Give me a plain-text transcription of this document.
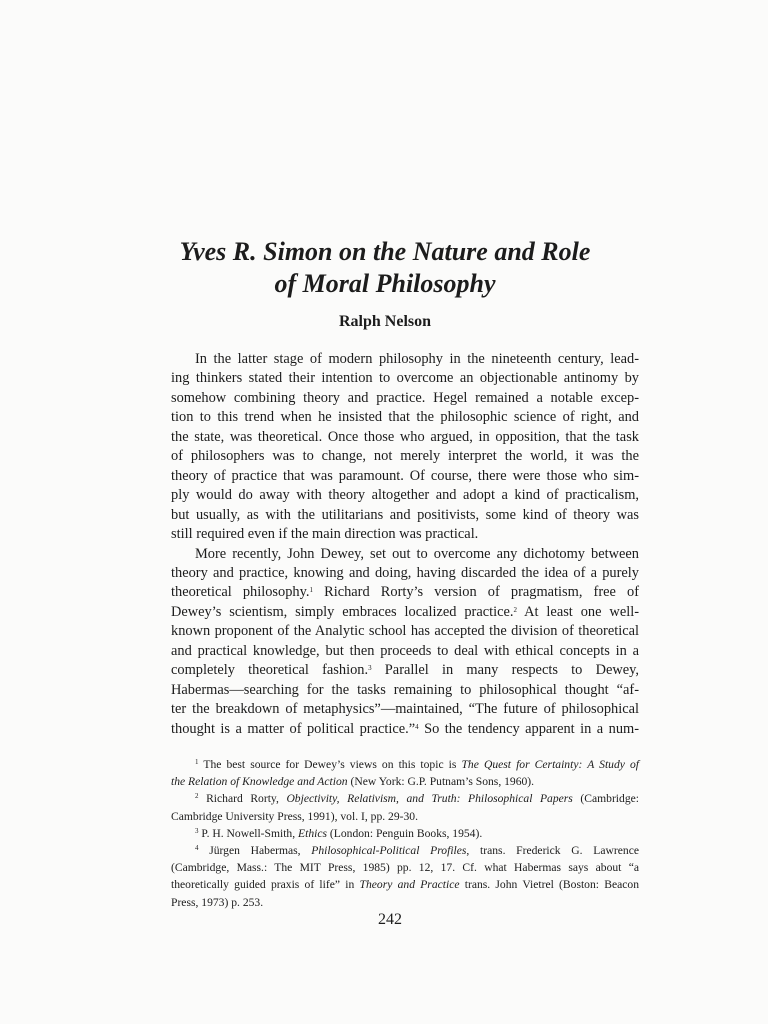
Yves R. Simon on the Nature and Role
of Moral Philosophy
Ralph Nelson
In the latter stage of modern philosophy in the nineteenth century, lead-
ing thinkers stated their intention to overcome an objectionable antinomy by
somehow combining theory and practice. Hegel remained a notable excep-
tion to this trend when he insisted that the philosophic science of right, and
the state, was theoretical. Once those who argued, in opposition, that the task
of philosophers was to change, not merely interpret the world, it was the
theory of practice that was paramount. Of course, there were those who sim-
ply would do away with theory altogether and adopt a kind of practicalism,
but usually, as with the utilitarians and positivists, some kind of theory was
still required even if the main direction was practical.
More recently, John Dewey, set out to overcome any dichotomy between
theory and practice, knowing and doing, having discarded the idea of a purely
theoretical philosophy.$^1$ Richard Rorty’s version of pragmatism, free of
Dewey’s scientism, simply embraces localized practice.$^2$ At least one well-
known proponent of the Analytic school has accepted the division of theoretical
and practical knowledge, but then proceeds to deal with ethical concepts in a
completely theoretical fashion.$^3$ Parallel in many respects to Dewey,
Habermas—searching for the tasks remaining to philosophical thought “af-
ter the breakdown of metaphysics”—maintained, “The future of philosophical
thought is a matter of political practice.”$^4$ So the tendency apparent in a num-
$^1$ The best source for Dewey’s views on this topic is The Quest for Certainty: A Study of
the Relation of Knowledge and Action (New York: G.P. Putnam’s Sons, 1960).
$^2$ Richard Rorty, Objectivity, Relativism, and Truth: Philosophical Papers (Cambridge:
Cambridge University Press, 1991), vol. I, pp. 29-30.
$^3$ P. H. Nowell-Smith, Ethics (London: Penguin Books, 1954).
$^4$ Jürgen Habermas, Philosophical-Political Profiles, trans. Frederick G. Lawrence
(Cambridge, Mass.: The MIT Press, 1985) pp. 12, 17. Cf. what Habermas says about “a
theoretically guided praxis of life” in Theory and Practice trans. John Vietrel (Boston: Beacon
Press, 1973) p. 253.
242
